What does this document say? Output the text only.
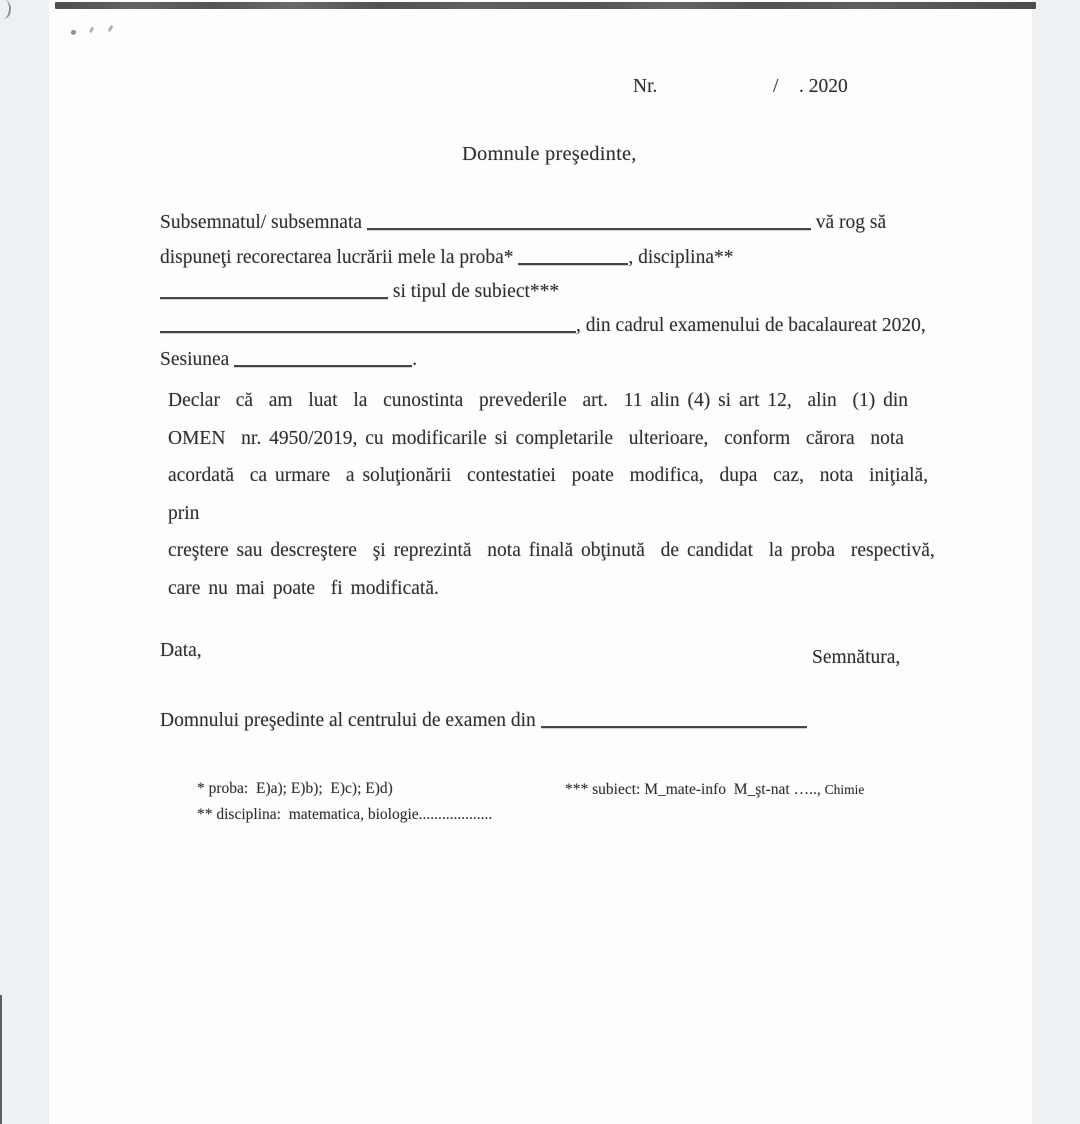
Nr.

	/

. 2020

Domnule preşedinte,
Subsemnatul/ subsemnata	vă rog să
dispuneţi recorectarea lucrării mele la proba*	, disciplina**
si tipul de subiect***
, din cadrul examenului de bacalaureat 2020,
Sesiunea	.
Declar  că  am  luat  la  cunostinta  prevederile  art.  11 alin (4) si art 12,  alin  (1) din
OMEN  nr. 4950/2019, cu modificarile si completarile  ulterioare,  conform  cărora  nota
acordată  ca urmare  a soluţionării  contestatiei  poate  modifica,  dupa  caz,  nota  iniţială,  prin
creştere sau descreştere  şi reprezintă  nota finală obţinută  de candidat  la proba  respectivă,
care nu mai poate  fi modificată.
Data,	Semnătura,
Domnului preşedinte al centrului de examen din
* proba:  E)a); E)b);  E)c); E)d)	*** subiect: M_mate-info  M_şt-nat ….., Chimie
** disciplina:  matematica, biologie...................
